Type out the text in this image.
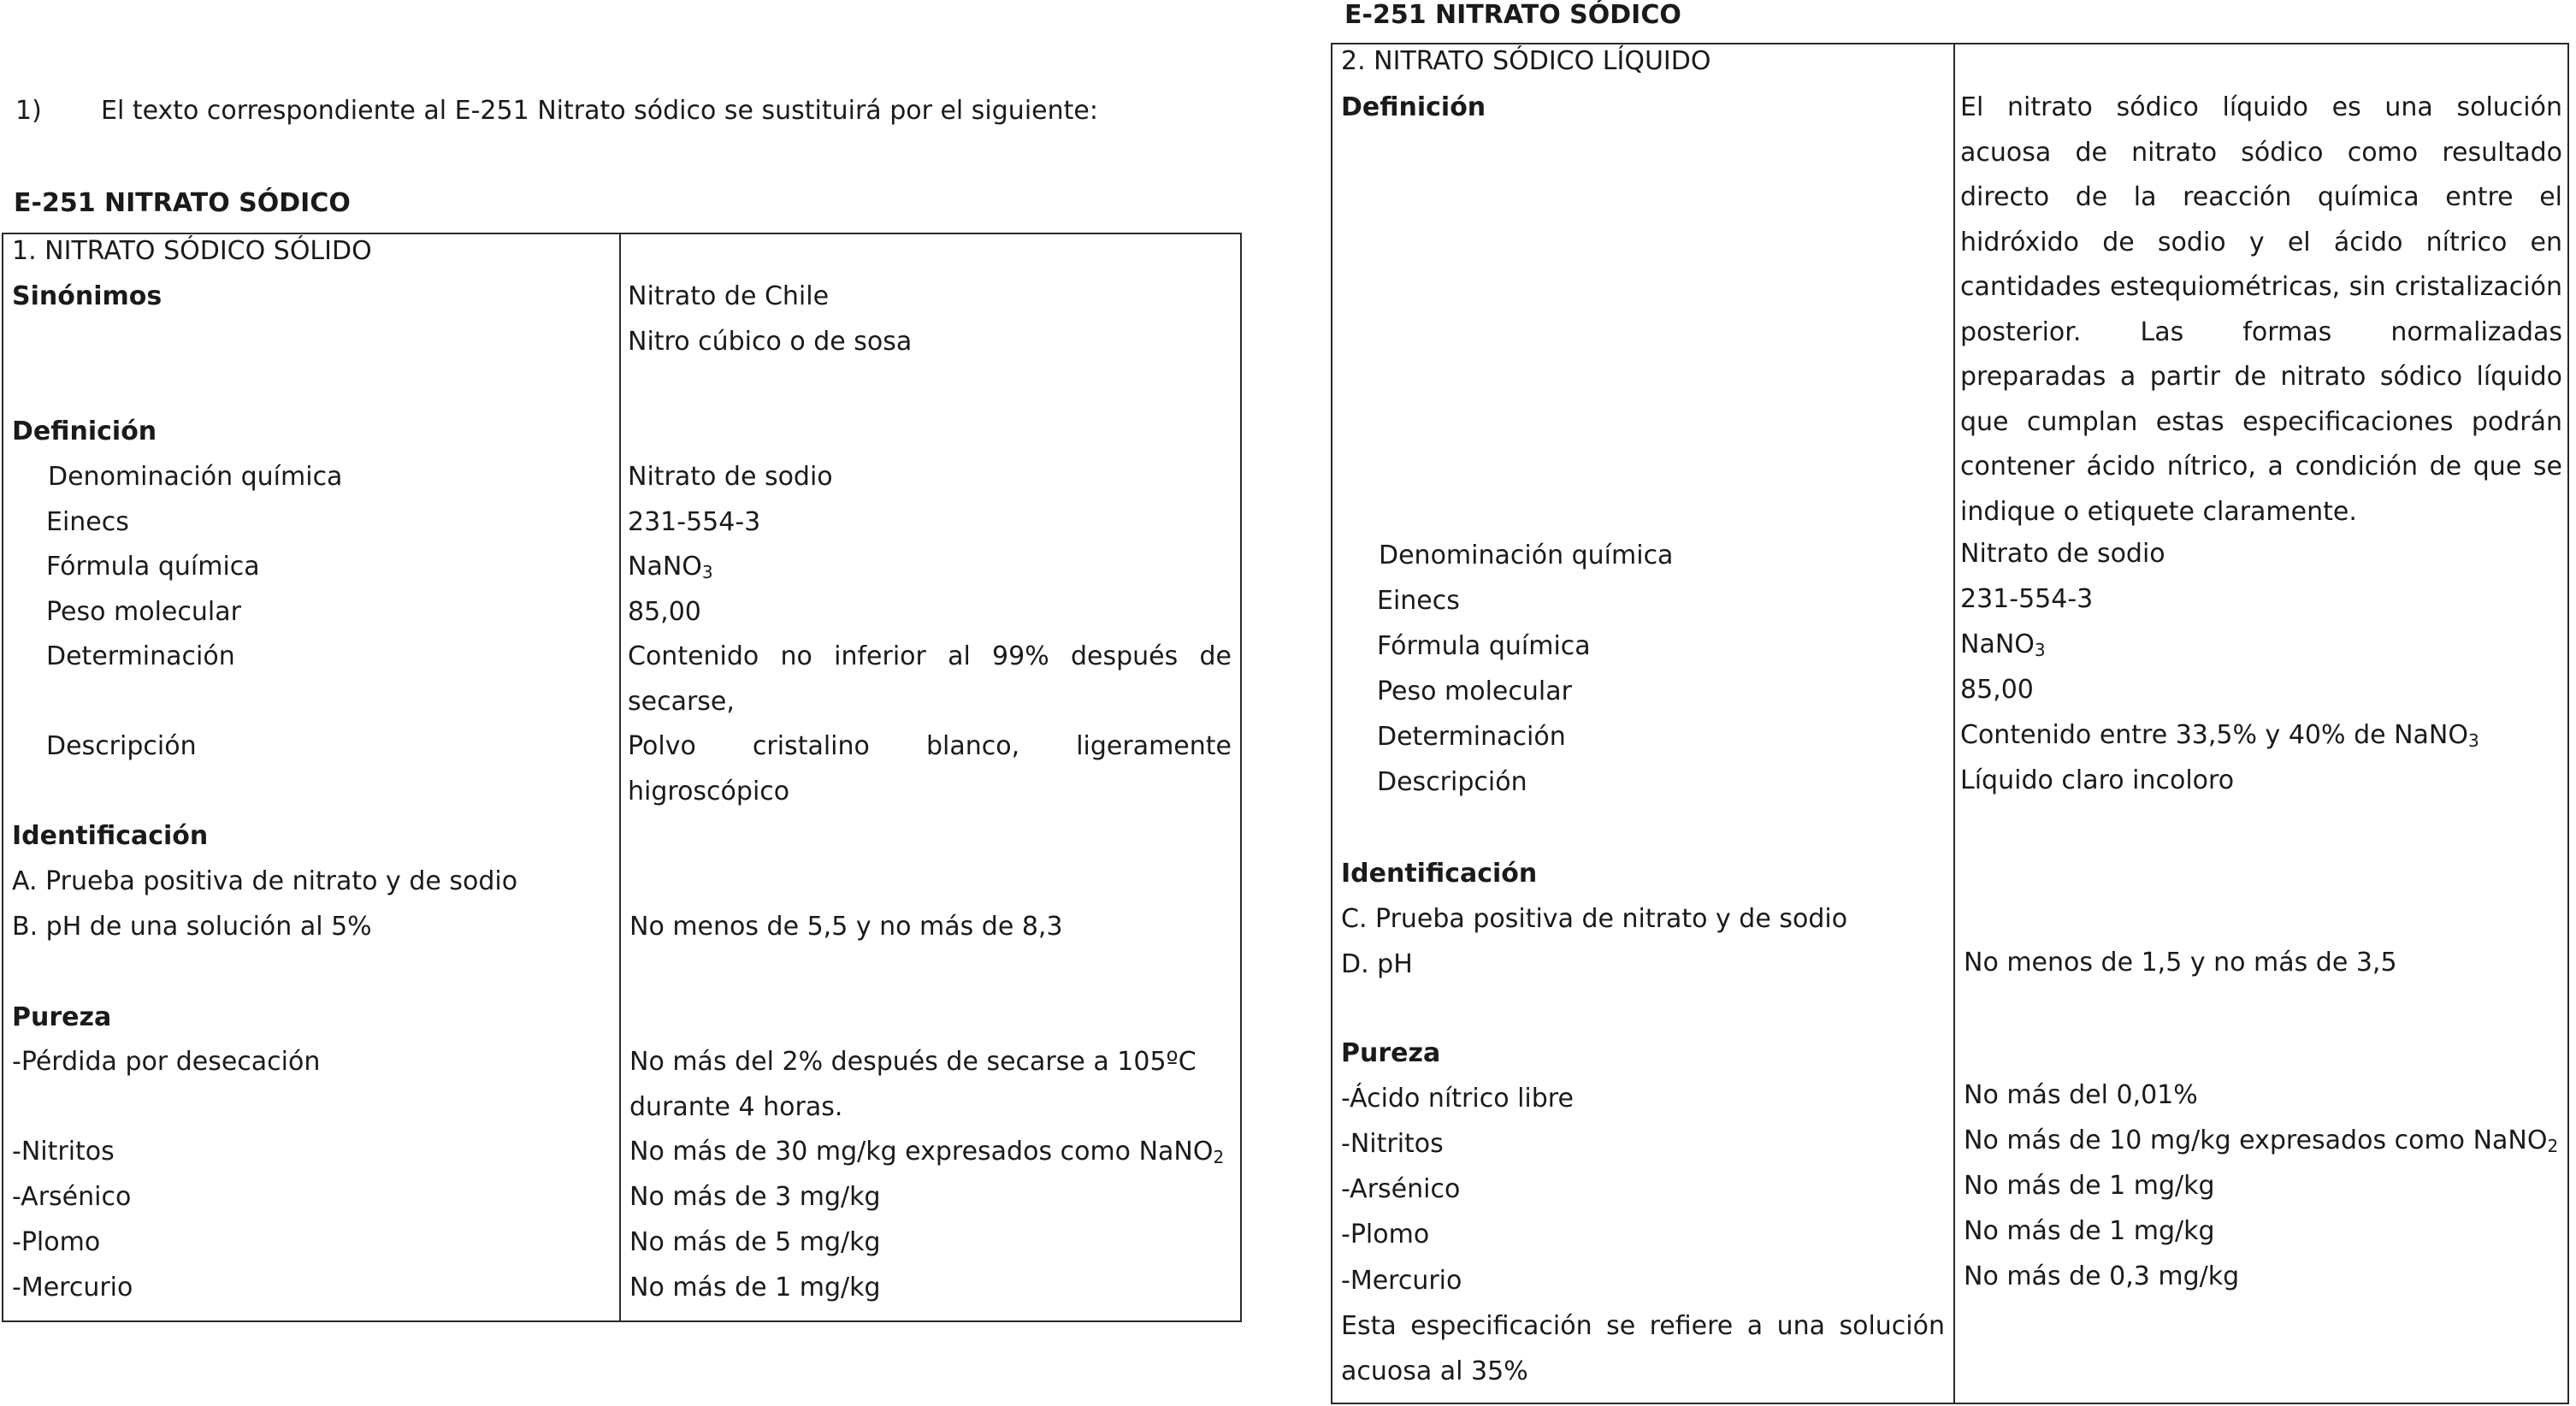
1) El texto correspondiente al E-251 Nitrato sódico se sustituirá por el siguiente:
E-251 NITRATO SÓDICO
1. NITRATO SÓDICO SÓLIDO
Sinónimos	Nitrato de Chile
Nitro cúbico o de sosa
Definición
Denominación química	Nitrato de sodio
Einecs	231-554-3
Fórmula química	NaNO$_3$
Peso molecular	85,00
Determinación	Contenido no inferior al 99% después de secarse,
Descripción	Polvo cristalino blanco, ligeramente higroscópico
Identificación
A. Prueba positiva de nitrato y de sodio
B. pH de una solución al 5%	No menos de 5,5 y no más de 8,3
Pureza
-Pérdida por desecación	No más del 2% después de secarse a 105ºC durante 4 horas.
-Nitritos	No más de 30 mg/kg expresados como NaNO$_2$
-Arsénico	No más de 3 mg/kg
-Plomo	No más de 5 mg/kg
-Mercurio	No más de 1 mg/kg
E-251 NITRATO SÓDICO
2. NITRATO SÓDICO LÍQUIDO
Definición	El nitrato sódico líquido es una solución acuosa de nitrato sódico como resultado directo de la reacción química entre el hidróxido de sodio y el ácido nítrico en cantidades estequiométricas, sin cristalización posterior. Las formas normalizadas preparadas a partir de nitrato sódico líquido que cumplan estas especificaciones podrán contener ácido nítrico, a condición de que se indique o etiquete claramente.
Denominación química	Nitrato de sodio
Einecs	231-554-3
Fórmula química	NaNO$_3$
Peso molecular	85,00
Determinación	Contenido entre 33,5% y 40% de NaNO$_3$
Descripción	Líquido claro incoloro
Identificación
C. Prueba positiva de nitrato y de sodio
D. pH	No menos de 1,5 y no más de 3,5
Pureza
-Ácido nítrico libre	No más del 0,01%
-Nitritos	No más de 10 mg/kg expresados como NaNO$_2$
-Arsénico	No más de 1 mg/kg
-Plomo	No más de 1 mg/kg
-Mercurio	No más de 0,3 mg/kg
Esta especificación se refiere a una solución acuosa al 35%
